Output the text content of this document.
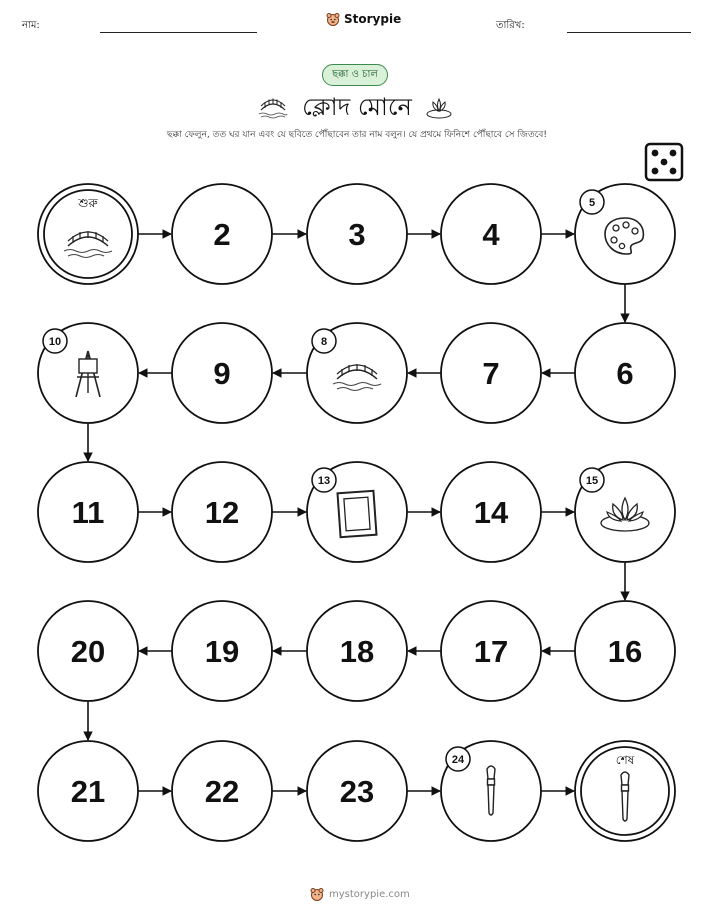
নাম:	Storypie	তারিখ:
ছক্কা ও চাল
ক্লোদ মোনে
ছক্কা ফেলুন, তত ঘর যান এবং যে ছবিতে পৌঁছাবেন তার নাম বলুন। যে প্রথমে ফিনিশে পৌঁছাবে সে জিতবে!
শুরু
2	3	4
5
6
7
8
9
10
11	12
13
14
15
16
17
18
19
20
21	22	23
24	শেষ
mystorypie.com
